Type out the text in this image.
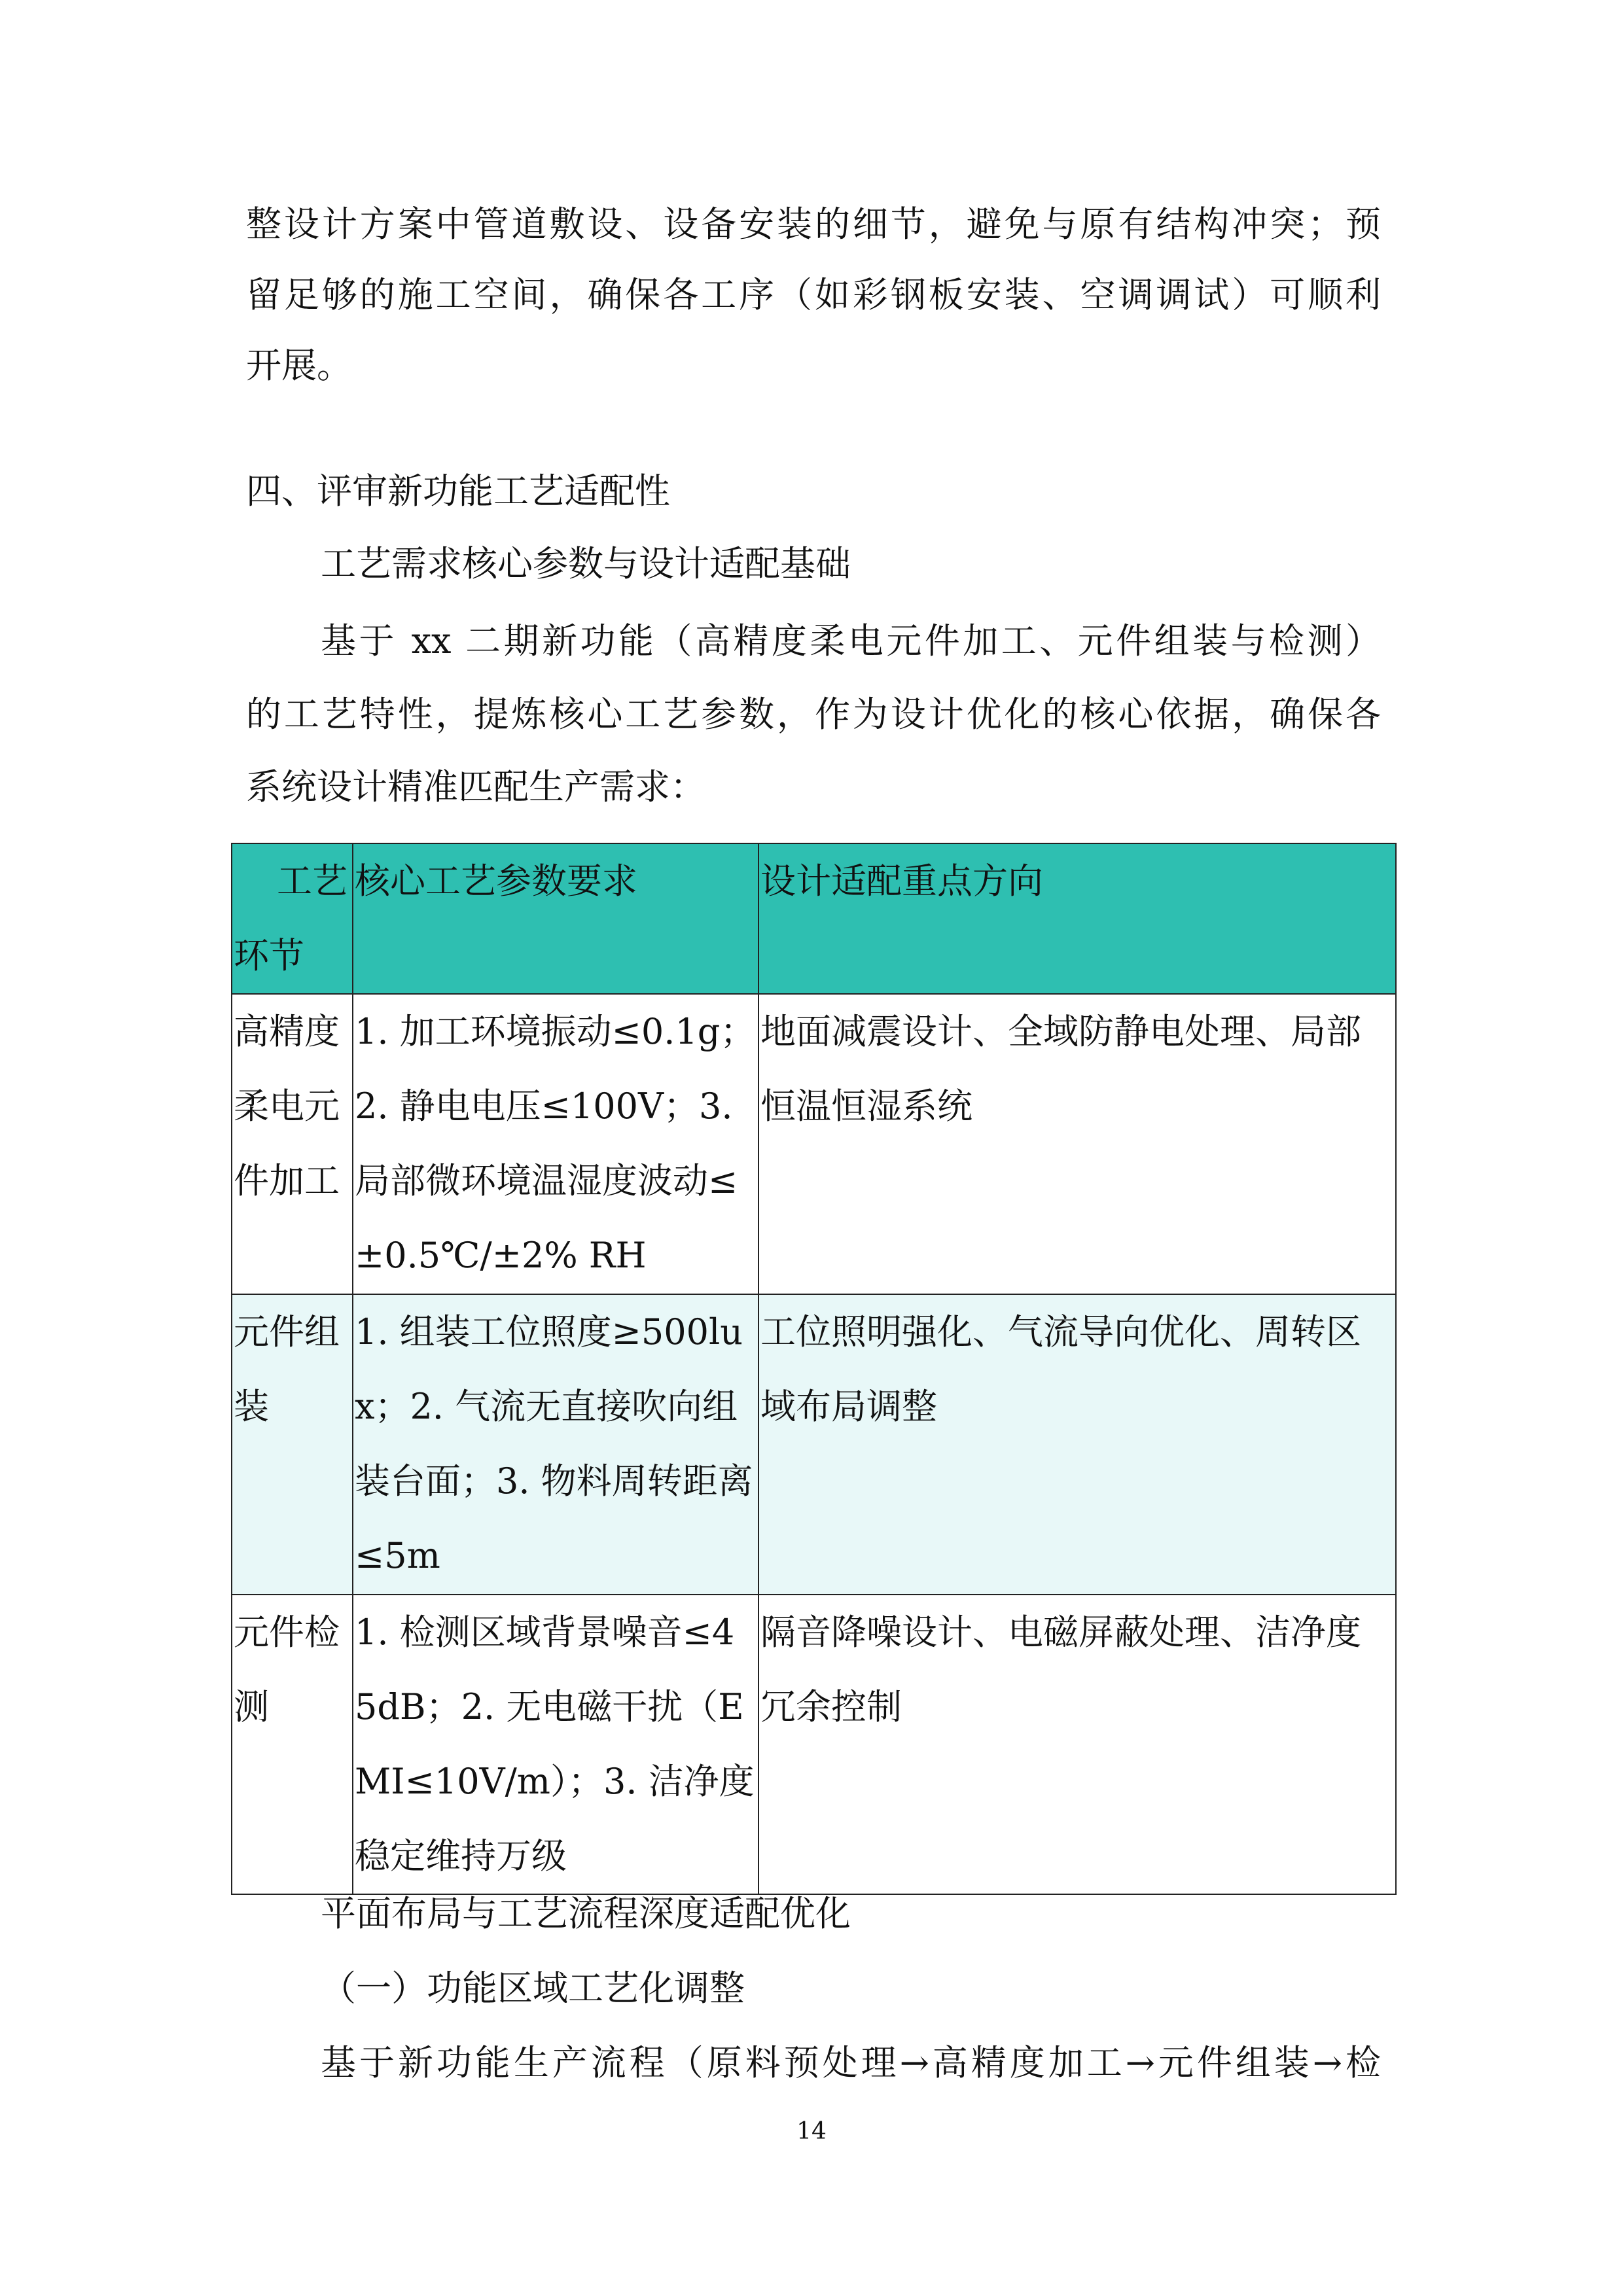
整设计方案中管道敷设、设备安装的细节，避免与原有结构冲突；预
留足够的施工空间，确保各工序（如彩钢板安装、空调调试）可顺利
开展。
四、评审新功能工艺适配性
工艺需求核心参数与设计适配基础
基于 xx 二期新功能（高精度柔电元件加工、元件组装与检测）
的工艺特性，提炼核心工艺参数，作为设计优化的核心依据，确保各
系统设计精准匹配生产需求：
工艺环节	核心工艺参数要求	设计适配重点方向

高精度柔电元件加工	1. 加工环境振动≤0.1g；2. 静电电压≤100V；3. 局部微环境温湿度波动≤±0.5℃/±2% RH	地面减震设计、全域防静电处理、局部恒温恒湿系统

元件组装	1. 组装工位照度≥500lux；2. 气流无直接吹向组装台面；3. 物料周转距离≤5m	工位照明强化、气流导向优化、周转区域布局调整

元件检测	1. 检测区域背景噪音≤45dB；2. 无电磁干扰（EMI≤10V/m）；3. 洁净度稳定维持万级	隔音降噪设计、电磁屏蔽处理、洁净度冗余控制
平面布局与工艺流程深度适配优化
（一）功能区域工艺化调整
基于新功能生产流程（原料预处理→高精度加工→元件组装→检
14
